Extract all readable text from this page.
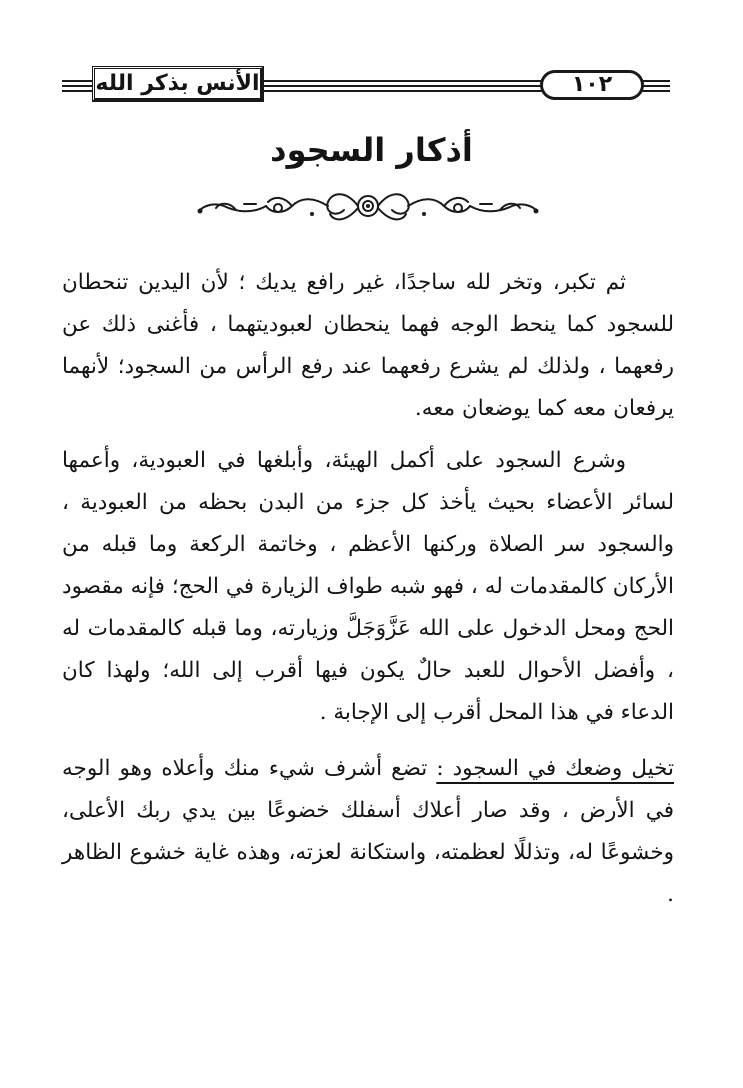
الأنس بذكر الله	١٠٢
أذكار السجود

ثم تكبر، وتخر لله ساجدًا، غير رافع يديك ؛ لأن اليدين تنحطان للسجود كما ينحط الوجه فهما ينحطان لعبوديتهما ، فأغنى ذلك عن رفعهما ، ولذلك لم يشرع رفعهما عند رفع الرأس من السجود؛ لأنهما يرفعان معه كما يوضعان معه.

وشرع السجود على أكمل الهيئة، وأبلغها في العبودية، وأعمها لسائر الأعضاء بحيث يأخذ كل جزء من البدن بحظه من العبودية ، والسجود سر الصلاة وركنها الأعظم ، وخاتمة الركعة وما قبله من الأركان كالمقدمات له ، فهو شبه طواف الزيارة في الحج؛ فإنه مقصود الحج ومحل الدخول على الله عَزَّوَجَلَّ وزيارته، وما قبله كالمقدمات له ، وأفضل الأحوال للعبد حالٌ يكون فيها أقرب إلى الله؛ ولهذا كان الدعاء في هذا المحل أقرب إلى الإجابة .

تخيل وضعك في السجود : تضع أشرف شيء منك وأعلاه وهو الوجه في الأرض ، وقد صار أعلاك أسفلك خضوعًا بين يدي ربك الأعلى، وخشوعًا له، وتذللًا لعظمته، واستكانة لعزته، وهذه غاية خشوع الظاهر .
